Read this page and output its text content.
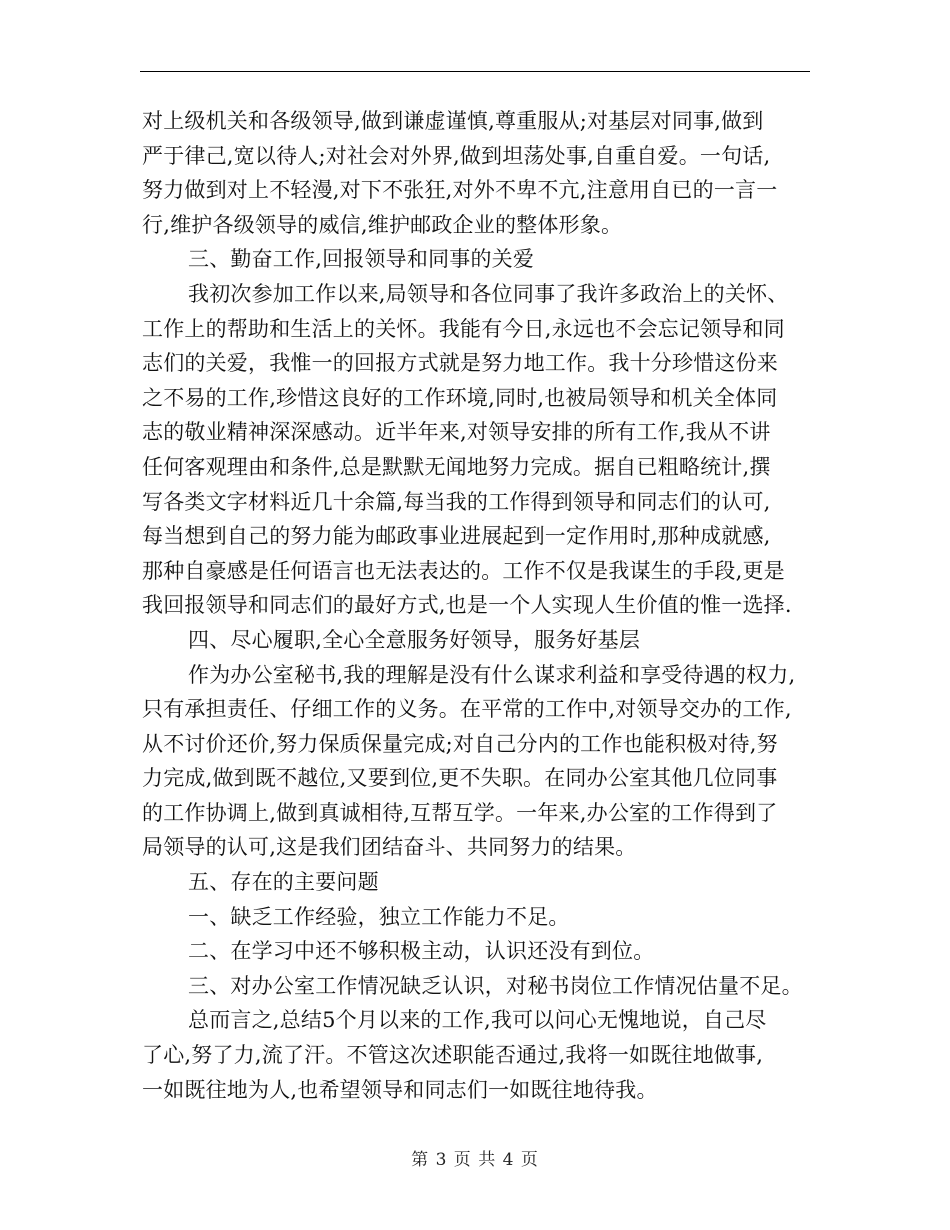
对上级机关和各级领导,做到谦虚谨慎,尊重服从;对基层对同事,做到
严于律己,宽以待人;对社会对外界,做到坦荡处事,自重自爱。一句话,
努力做到对上不轻漫,对下不张狂,对外不卑不亢,注意用自已的一言一
行,维护各级领导的威信,维护邮政企业的整体形象。
三、勤奋工作,回报领导和同事的关爱
我初次参加工作以来,局领导和各位同事了我许多政治上的关怀、
工作上的帮助和生活上的关怀。我能有今日,永远也不会忘记领导和同
志们的关爱，我惟一的回报方式就是努力地工作。我十分珍惜这份来
之不易的工作,珍惜这良好的工作环境,同时,也被局领导和机关全体同
志的敬业精神深深感动。近半年来,对领导安排的所有工作,我从不讲
任何客观理由和条件,总是默默无闻地努力完成。据自已粗略统计,撰
写各类文字材料近几十余篇,每当我的工作得到领导和同志们的认可,
每当想到自己的努力能为邮政事业进展起到一定作用时,那种成就感,
那种自豪感是任何语言也无法表达的。工作不仅是我谋生的手段,更是
我回报领导和同志们的最好方式,也是一个人实现人生价值的惟一选择.
四、尽心履职,全心全意服务好领导，服务好基层
作为办公室秘书,我的理解是没有什么谋求利益和享受待遇的权力,
只有承担责任、仔细工作的义务。在平常的工作中,对领导交办的工作,
从不讨价还价,努力保质保量完成;对自己分内的工作也能积极对待,努
力完成,做到既不越位,又要到位,更不失职。在同办公室其他几位同事
的工作协调上,做到真诚相待,互帮互学。一年来,办公室的工作得到了
局领导的认可,这是我们团结奋斗、共同努力的结果。
五、存在的主要问题
一、缺乏工作经验，独立工作能力不足。
二、在学习中还不够积极主动，认识还没有到位。
三、对办公室工作情况缺乏认识，对秘书岗位工作情况估量不足。
总而言之,总结5个月以来的工作,我可以问心无愧地说，自己尽
了心,努了力,流了汗。不管这次述职能否通过,我将一如既往地做事,
一如既往地为人,也希望领导和同志们一如既往地待我。
第 3 页 共 4 页
